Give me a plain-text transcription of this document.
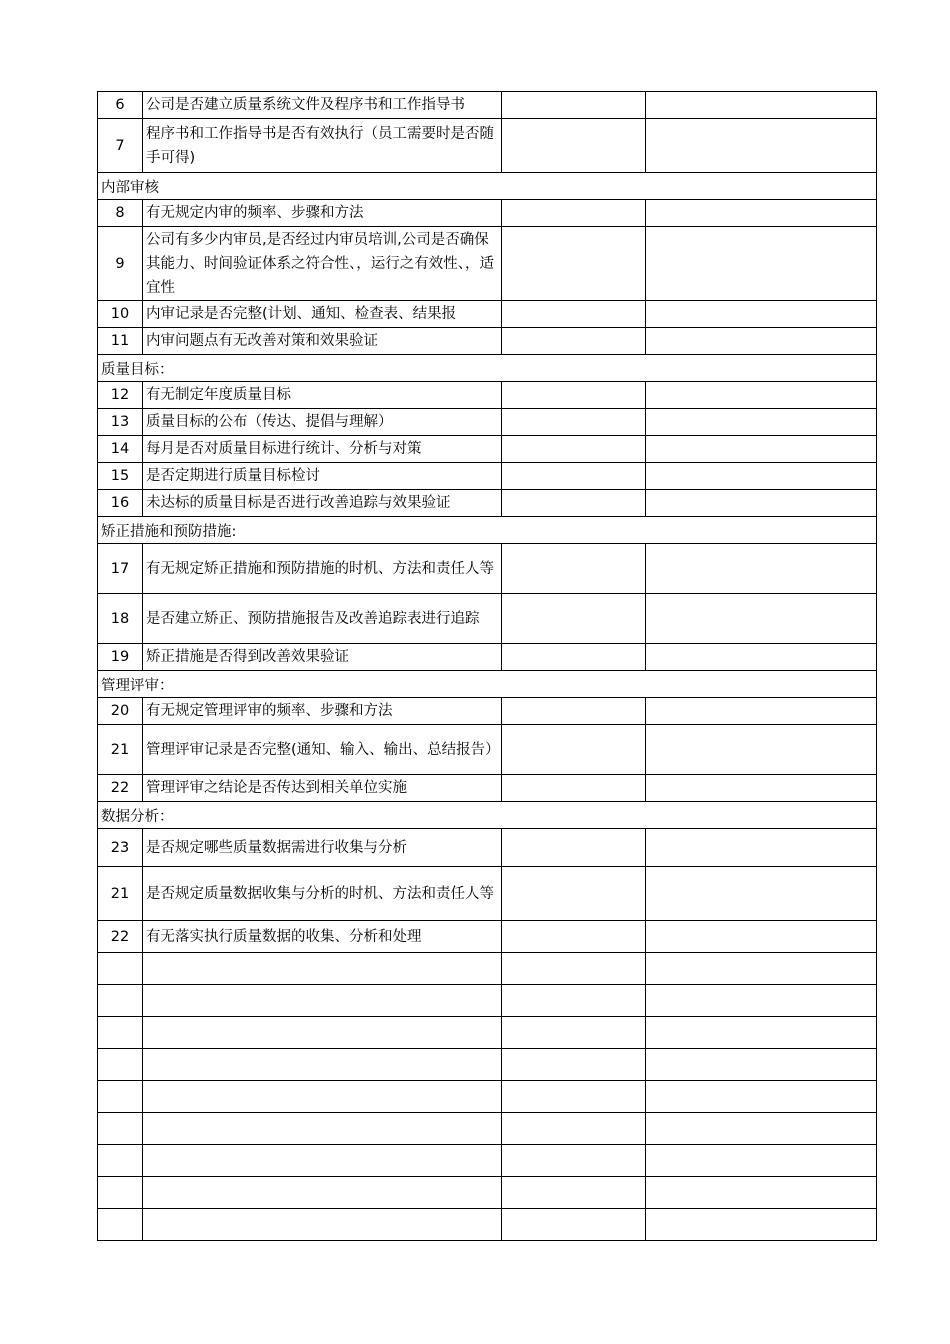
6	公司是否建立质量系统文件及程序书和工作指导书		
7	程序书和工作指导书是否有效执行（员工需要时是否随手可得)		
内部审核			
8	有无规定内审的频率、步骤和方法		
9	公司有多少内审员,是否经过内审员培训,公司是否确保其能力、时间验证体系之符合性、，运行之有效性、，适宜性		
10	内审记录是否完整(计划、通知、检查表、结果报		
11	内审问题点有无改善对策和效果验证		
质量目标：			
12	有无制定年度质量目标		
13	质量目标的公布（传达、提倡与理解）		
14	每月是否对质量目标进行统计、分析与对策		
15	是否定期进行质量目标检讨		
16	未达标的质量目标是否进行改善追踪与效果验证		
矫正措施和预防措施:			
17	有无规定矫正措施和预防措施的时机、方法和责任人等		
18	是否建立矫正、预防措施报告及改善追踪表进行追踪		
19	矫正措施是否得到改善效果验证		
管理评审：			
20	有无规定管理评审的频率、步骤和方法		
21	管理评审记录是否完整(通知、输入、输出、总结报告）		
22	管理评审之结论是否传达到相关单位实施		
数据分析：			
23	是否规定哪些质量数据需进行收集与分析		
21	是否规定质量数据收集与分析的时机、方法和责任人等		
22	有无落实执行质量数据的收集、分析和处理		
